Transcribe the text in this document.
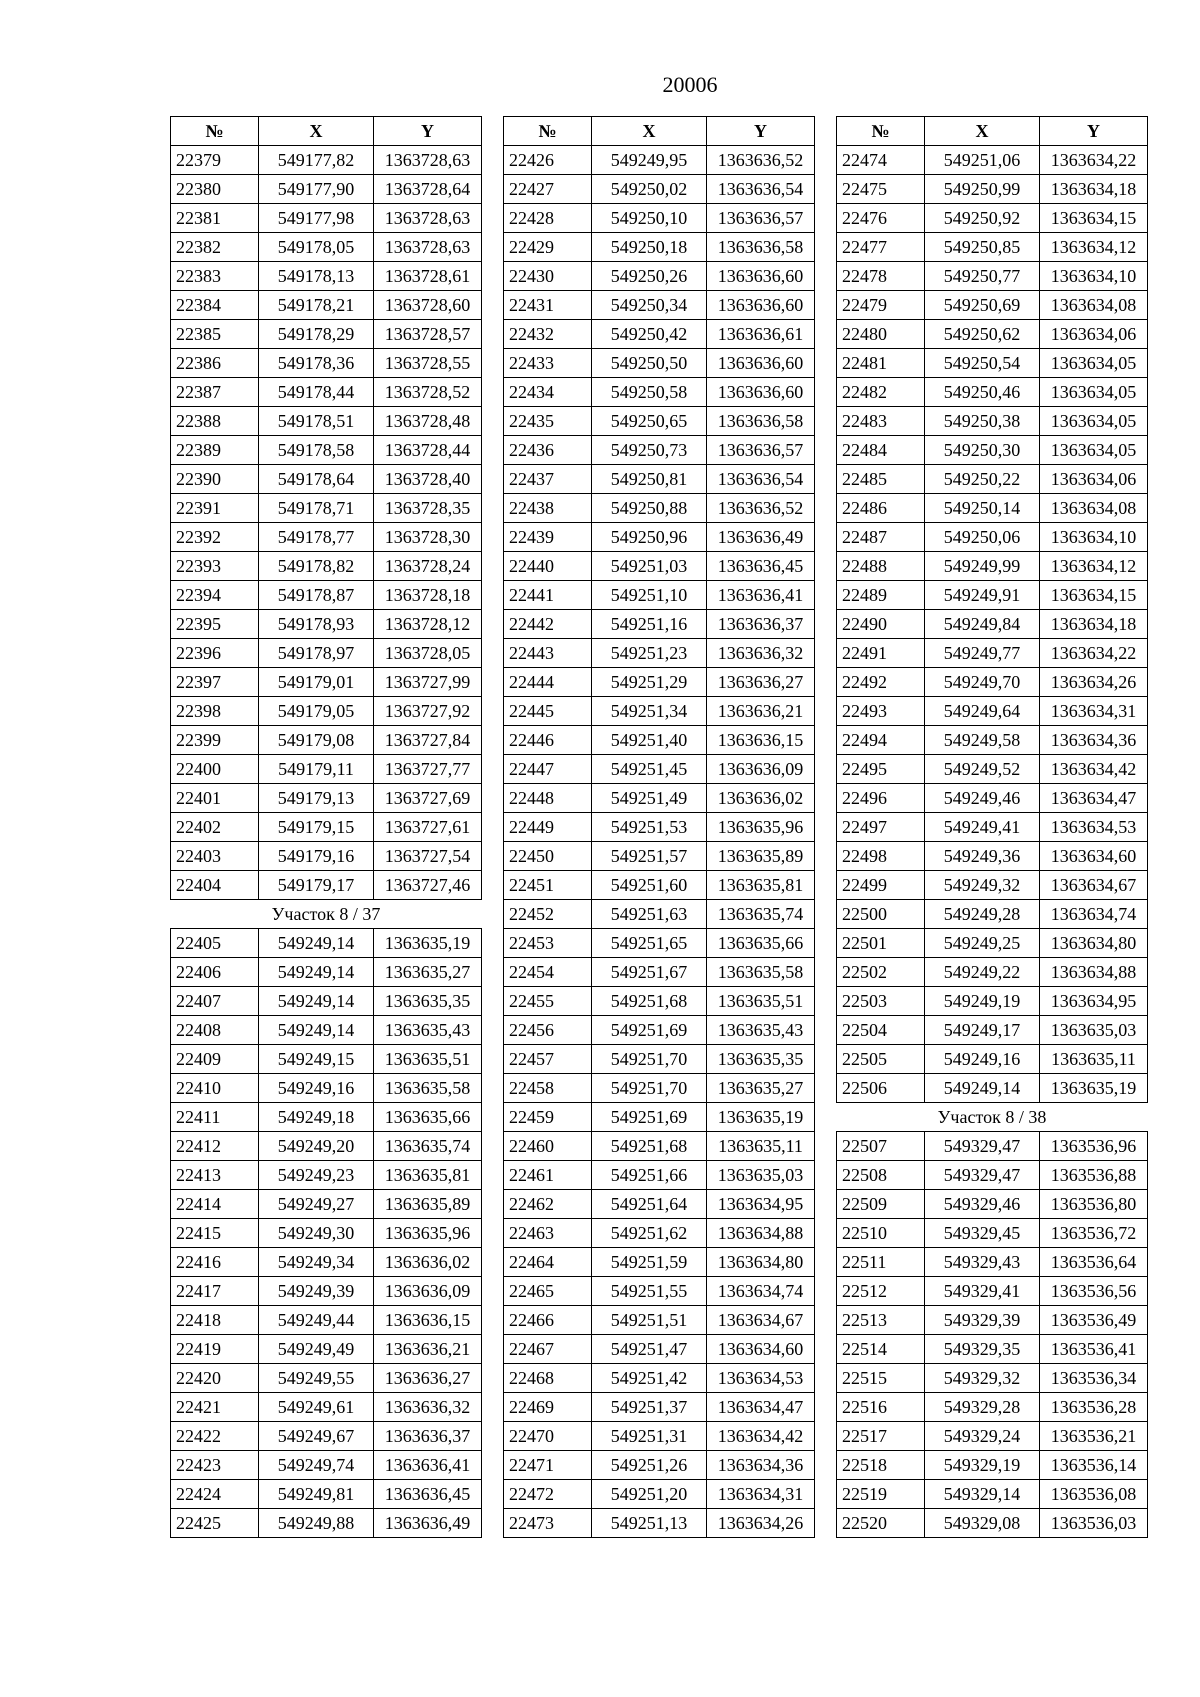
20006
№	X	Y
22379	549177,82	1363728,63
22380	549177,90	1363728,64
22381	549177,98	1363728,63
22382	549178,05	1363728,63
22383	549178,13	1363728,61
22384	549178,21	1363728,60
22385	549178,29	1363728,57
22386	549178,36	1363728,55
22387	549178,44	1363728,52
22388	549178,51	1363728,48
22389	549178,58	1363728,44
22390	549178,64	1363728,40
22391	549178,71	1363728,35
22392	549178,77	1363728,30
22393	549178,82	1363728,24
22394	549178,87	1363728,18
22395	549178,93	1363728,12
22396	549178,97	1363728,05
22397	549179,01	1363727,99
22398	549179,05	1363727,92
22399	549179,08	1363727,84
22400	549179,11	1363727,77
22401	549179,13	1363727,69
22402	549179,15	1363727,61
22403	549179,16	1363727,54
22404	549179,17	1363727,46
Участок 8 / 37		
22405	549249,14	1363635,19
22406	549249,14	1363635,27
22407	549249,14	1363635,35
22408	549249,14	1363635,43
22409	549249,15	1363635,51
22410	549249,16	1363635,58
22411	549249,18	1363635,66
22412	549249,20	1363635,74
22413	549249,23	1363635,81
22414	549249,27	1363635,89
22415	549249,30	1363635,96
22416	549249,34	1363636,02
22417	549249,39	1363636,09
22418	549249,44	1363636,15
22419	549249,49	1363636,21
22420	549249,55	1363636,27
22421	549249,61	1363636,32
22422	549249,67	1363636,37
22423	549249,74	1363636,41
22424	549249,81	1363636,45
22425	549249,88	1363636,49
№	X	Y
22426	549249,95	1363636,52
22427	549250,02	1363636,54
22428	549250,10	1363636,57
22429	549250,18	1363636,58
22430	549250,26	1363636,60
22431	549250,34	1363636,60
22432	549250,42	1363636,61
22433	549250,50	1363636,60
22434	549250,58	1363636,60
22435	549250,65	1363636,58
22436	549250,73	1363636,57
22437	549250,81	1363636,54
22438	549250,88	1363636,52
22439	549250,96	1363636,49
22440	549251,03	1363636,45
22441	549251,10	1363636,41
22442	549251,16	1363636,37
22443	549251,23	1363636,32
22444	549251,29	1363636,27
22445	549251,34	1363636,21
22446	549251,40	1363636,15
22447	549251,45	1363636,09
22448	549251,49	1363636,02
22449	549251,53	1363635,96
22450	549251,57	1363635,89
22451	549251,60	1363635,81
22452	549251,63	1363635,74
22453	549251,65	1363635,66
22454	549251,67	1363635,58
22455	549251,68	1363635,51
22456	549251,69	1363635,43
22457	549251,70	1363635,35
22458	549251,70	1363635,27
22459	549251,69	1363635,19
22460	549251,68	1363635,11
22461	549251,66	1363635,03
22462	549251,64	1363634,95
22463	549251,62	1363634,88
22464	549251,59	1363634,80
22465	549251,55	1363634,74
22466	549251,51	1363634,67
22467	549251,47	1363634,60
22468	549251,42	1363634,53
22469	549251,37	1363634,47
22470	549251,31	1363634,42
22471	549251,26	1363634,36
22472	549251,20	1363634,31
22473	549251,13	1363634,26
№	X	Y
22474	549251,06	1363634,22
22475	549250,99	1363634,18
22476	549250,92	1363634,15
22477	549250,85	1363634,12
22478	549250,77	1363634,10
22479	549250,69	1363634,08
22480	549250,62	1363634,06
22481	549250,54	1363634,05
22482	549250,46	1363634,05
22483	549250,38	1363634,05
22484	549250,30	1363634,05
22485	549250,22	1363634,06
22486	549250,14	1363634,08
22487	549250,06	1363634,10
22488	549249,99	1363634,12
22489	549249,91	1363634,15
22490	549249,84	1363634,18
22491	549249,77	1363634,22
22492	549249,70	1363634,26
22493	549249,64	1363634,31
22494	549249,58	1363634,36
22495	549249,52	1363634,42
22496	549249,46	1363634,47
22497	549249,41	1363634,53
22498	549249,36	1363634,60
22499	549249,32	1363634,67
22500	549249,28	1363634,74
22501	549249,25	1363634,80
22502	549249,22	1363634,88
22503	549249,19	1363634,95
22504	549249,17	1363635,03
22505	549249,16	1363635,11
22506	549249,14	1363635,19
Участок 8 / 38		
22507	549329,47	1363536,96
22508	549329,47	1363536,88
22509	549329,46	1363536,80
22510	549329,45	1363536,72
22511	549329,43	1363536,64
22512	549329,41	1363536,56
22513	549329,39	1363536,49
22514	549329,35	1363536,41
22515	549329,32	1363536,34
22516	549329,28	1363536,28
22517	549329,24	1363536,21
22518	549329,19	1363536,14
22519	549329,14	1363536,08
22520	549329,08	1363536,03
